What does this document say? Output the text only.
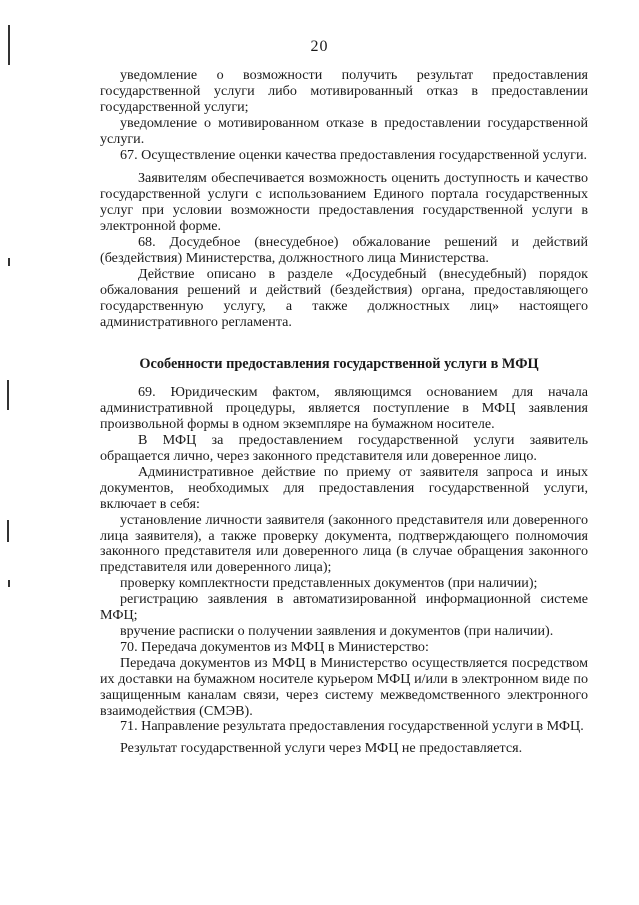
20

уведомление о возможности получить результат предоставления государственной услуги либо мотивированный отказ в предоставлении государственной услуги;

уведомление о мотивированном отказе в предоставлении государственной услуги.

67. Осуществление оценки качества предоставления государственной услуги.

Заявителям обеспечивается возможность оценить доступность и качество государственной услуги с использованием Единого портала государственных услуг при условии возможности предоставления государственной услуги в электронной форме.

68. Досудебное (внесудебное) обжалование решений и действий (бездействия) Министерства, должностного лица Министерства.

Действие описано в разделе «Досудебный (внесудебный) порядок обжалования решений и действий (бездействия) органа, предоставляющего государственную услугу, а также должностных лиц» настоящего административного регламента.

Особенности предоставления государственной услуги в МФЦ

69. Юридическим фактом, являющимся основанием для начала административной процедуры, является поступление в МФЦ заявления произвольной формы в одном экземпляре на бумажном носителе.

В МФЦ за предоставлением государственной услуги заявитель обращается лично, через законного представителя или доверенное лицо.

Административное действие по приему от заявителя запроса и иных документов, необходимых для предоставления государственной услуги, включает в себя:

установление личности заявителя (законного представителя или доверенного лица заявителя), а также проверку документа, подтверждающего полномочия законного представителя или доверенного лица (в случае обращения законного представителя или доверенного лица);

проверку комплектности представленных документов (при наличии);

регистрацию заявления в автоматизированной информационной системе МФЦ;

вручение расписки о получении заявления и документов (при наличии).

70. Передача документов из МФЦ в Министерство:

Передача документов из МФЦ в Министерство осуществляется посредством их доставки на бумажном носителе курьером МФЦ и/или в электронном виде по защищенным каналам связи, через систему межведомственного электронного взаимодействия (СМЭВ).

71. Направление результата предоставления государственной услуги в МФЦ.

Результат государственной услуги через МФЦ не предоставляется.
